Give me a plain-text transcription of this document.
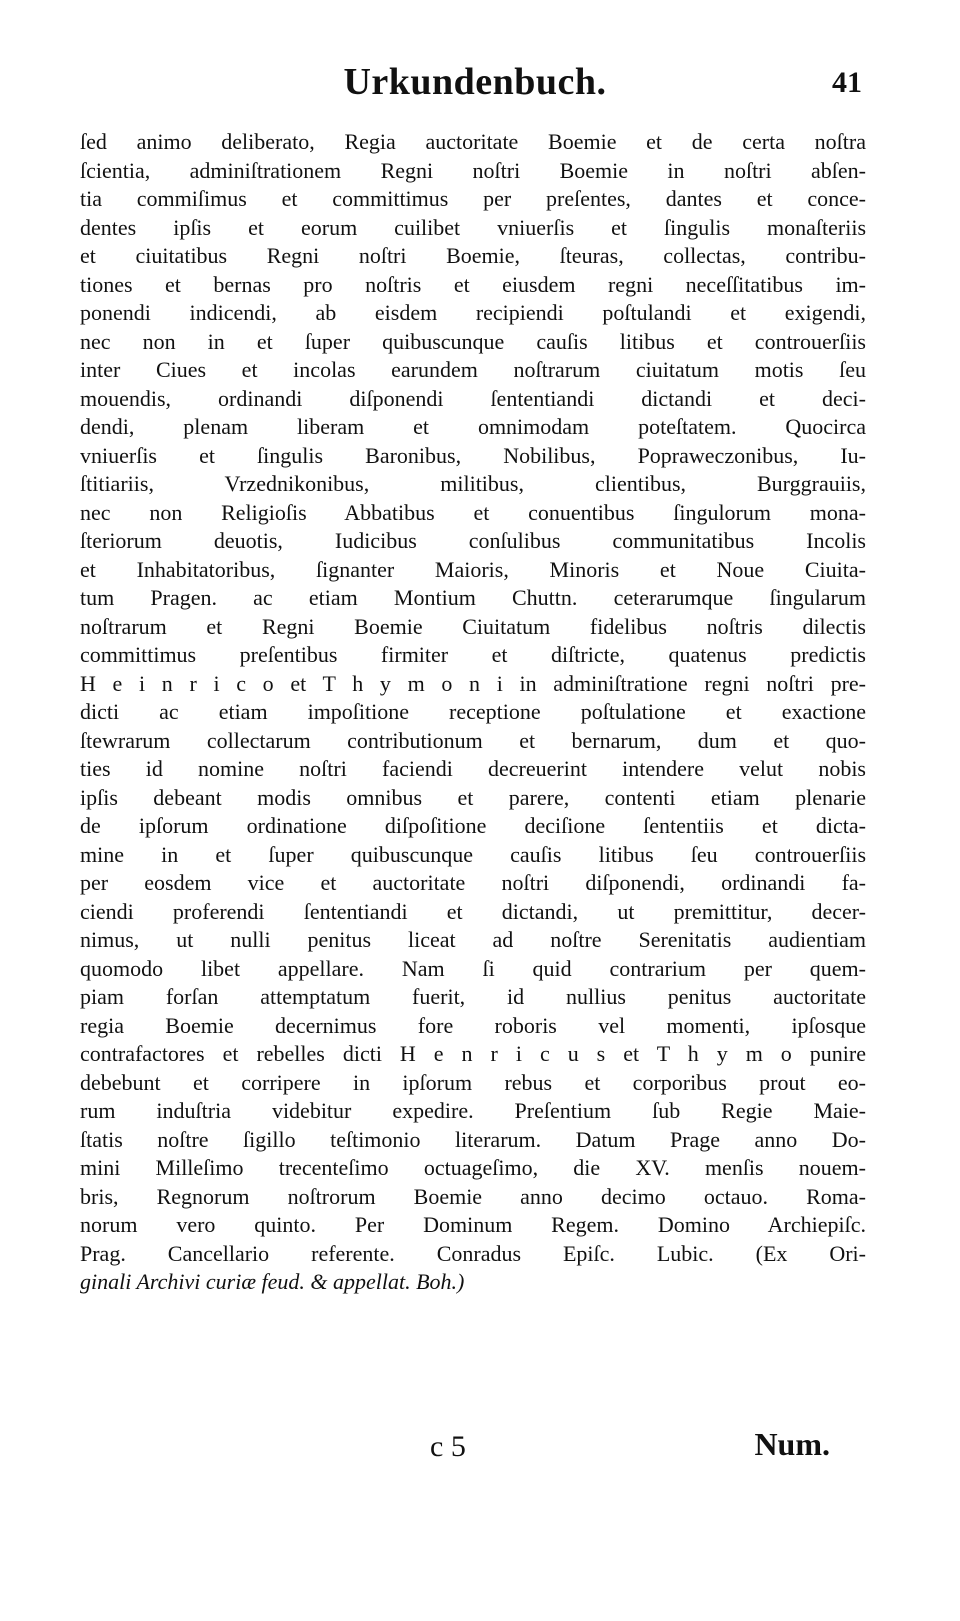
Urkundenbuch.	41
ſed animo deliberato, Regia auctoritate Boemie et de certa noſtra
ſcientia, adminiſtrationem Regni noſtri Boemie in noſtri abſen-
tia commiſimus et committimus per preſentes, dantes et conce-
dentes ipſis et eorum cuilibet vniuerſis et ſingulis monaſteriis
et ciuitatibus Regni noſtri Boemie, ſteuras, collectas, contribu-
tiones et bernas pro noſtris et eiusdem regni neceſſitatibus im-
ponendi indicendi, ab eisdem recipiendi poſtulandi et exigendi,
nec non in et ſuper quibuscunque cauſis litibus et controuerſiis
inter Ciues et incolas earundem noſtrarum ciuitatum motis ſeu
mouendis, ordinandi diſponendi ſententiandi dictandi et deci-
dendi, plenam liberam et omnimodam poteſtatem. Quocirca
vniuerſis et ſingulis Baronibus, Nobilibus, Popraweczonibus, Iu-
ſtitiariis, Vrzednikonibus, militibus, clientibus, Burggrauiis,
nec non Religioſis Abbatibus et conuentibus ſingulorum mona-
ſteriorum deuotis, Iudicibus conſulibus communitatibus Incolis
et Inhabitatoribus, ſignanter Maioris, Minoris et Noue Ciuita-
tum Pragen. ac etiam Montium Chuttn. ceterarumque ſingularum
noſtrarum et Regni Boemie Ciuitatum fidelibus noſtris dilectis
committimus preſentibus firmiter et diſtricte, quatenus predictis
H e i n r i c o et T h y m o n i in adminiſtratione regni noſtri pre-
dicti ac etiam impoſitione receptione poſtulatione et exactione
ſtewrarum collectarum contributionum et bernarum, dum et quo-
ties id nomine noſtri faciendi decreuerint intendere velut nobis
ipſis debeant modis omnibus et parere, contenti etiam plenarie
de ipſorum ordinatione diſpoſitione deciſione ſententiis et dicta-
mine in et ſuper quibuscunque cauſis litibus ſeu controuerſiis
per eosdem vice et auctoritate noſtri diſponendi, ordinandi fa-
ciendi proferendi ſententiandi et dictandi, ut premittitur, decer-
nimus, ut nulli penitus liceat ad noſtre Serenitatis audientiam
quomodo libet appellare. Nam ſi quid contrarium per quem-
piam forſan attemptatum fuerit, id nullius penitus auctoritate
regia Boemie decernimus fore roboris vel momenti, ipſosque
contrafactores et rebelles dicti H e n r i c u s et T h y m o punire
debebunt et corripere in ipſorum rebus et corporibus prout eo-
rum induſtria videbitur expedire. Preſentium ſub Regie Maie-
ſtatis noſtre ſigillo teſtimonio literarum. Datum Prage anno Do-
mini Milleſimo trecenteſimo octuageſimo, die XV. menſis nouem-
bris, Regnorum noſtrorum Boemie anno decimo octauo. Roma-
norum vero quinto. Per Dominum Regem. Domino Archiepiſc.
Prag. Cancellario referente. Conradus Epiſc. Lubic. (Ex Ori-
ginali Archivi curiæ feud. & appellat. Boh.)
c 5	Num.
